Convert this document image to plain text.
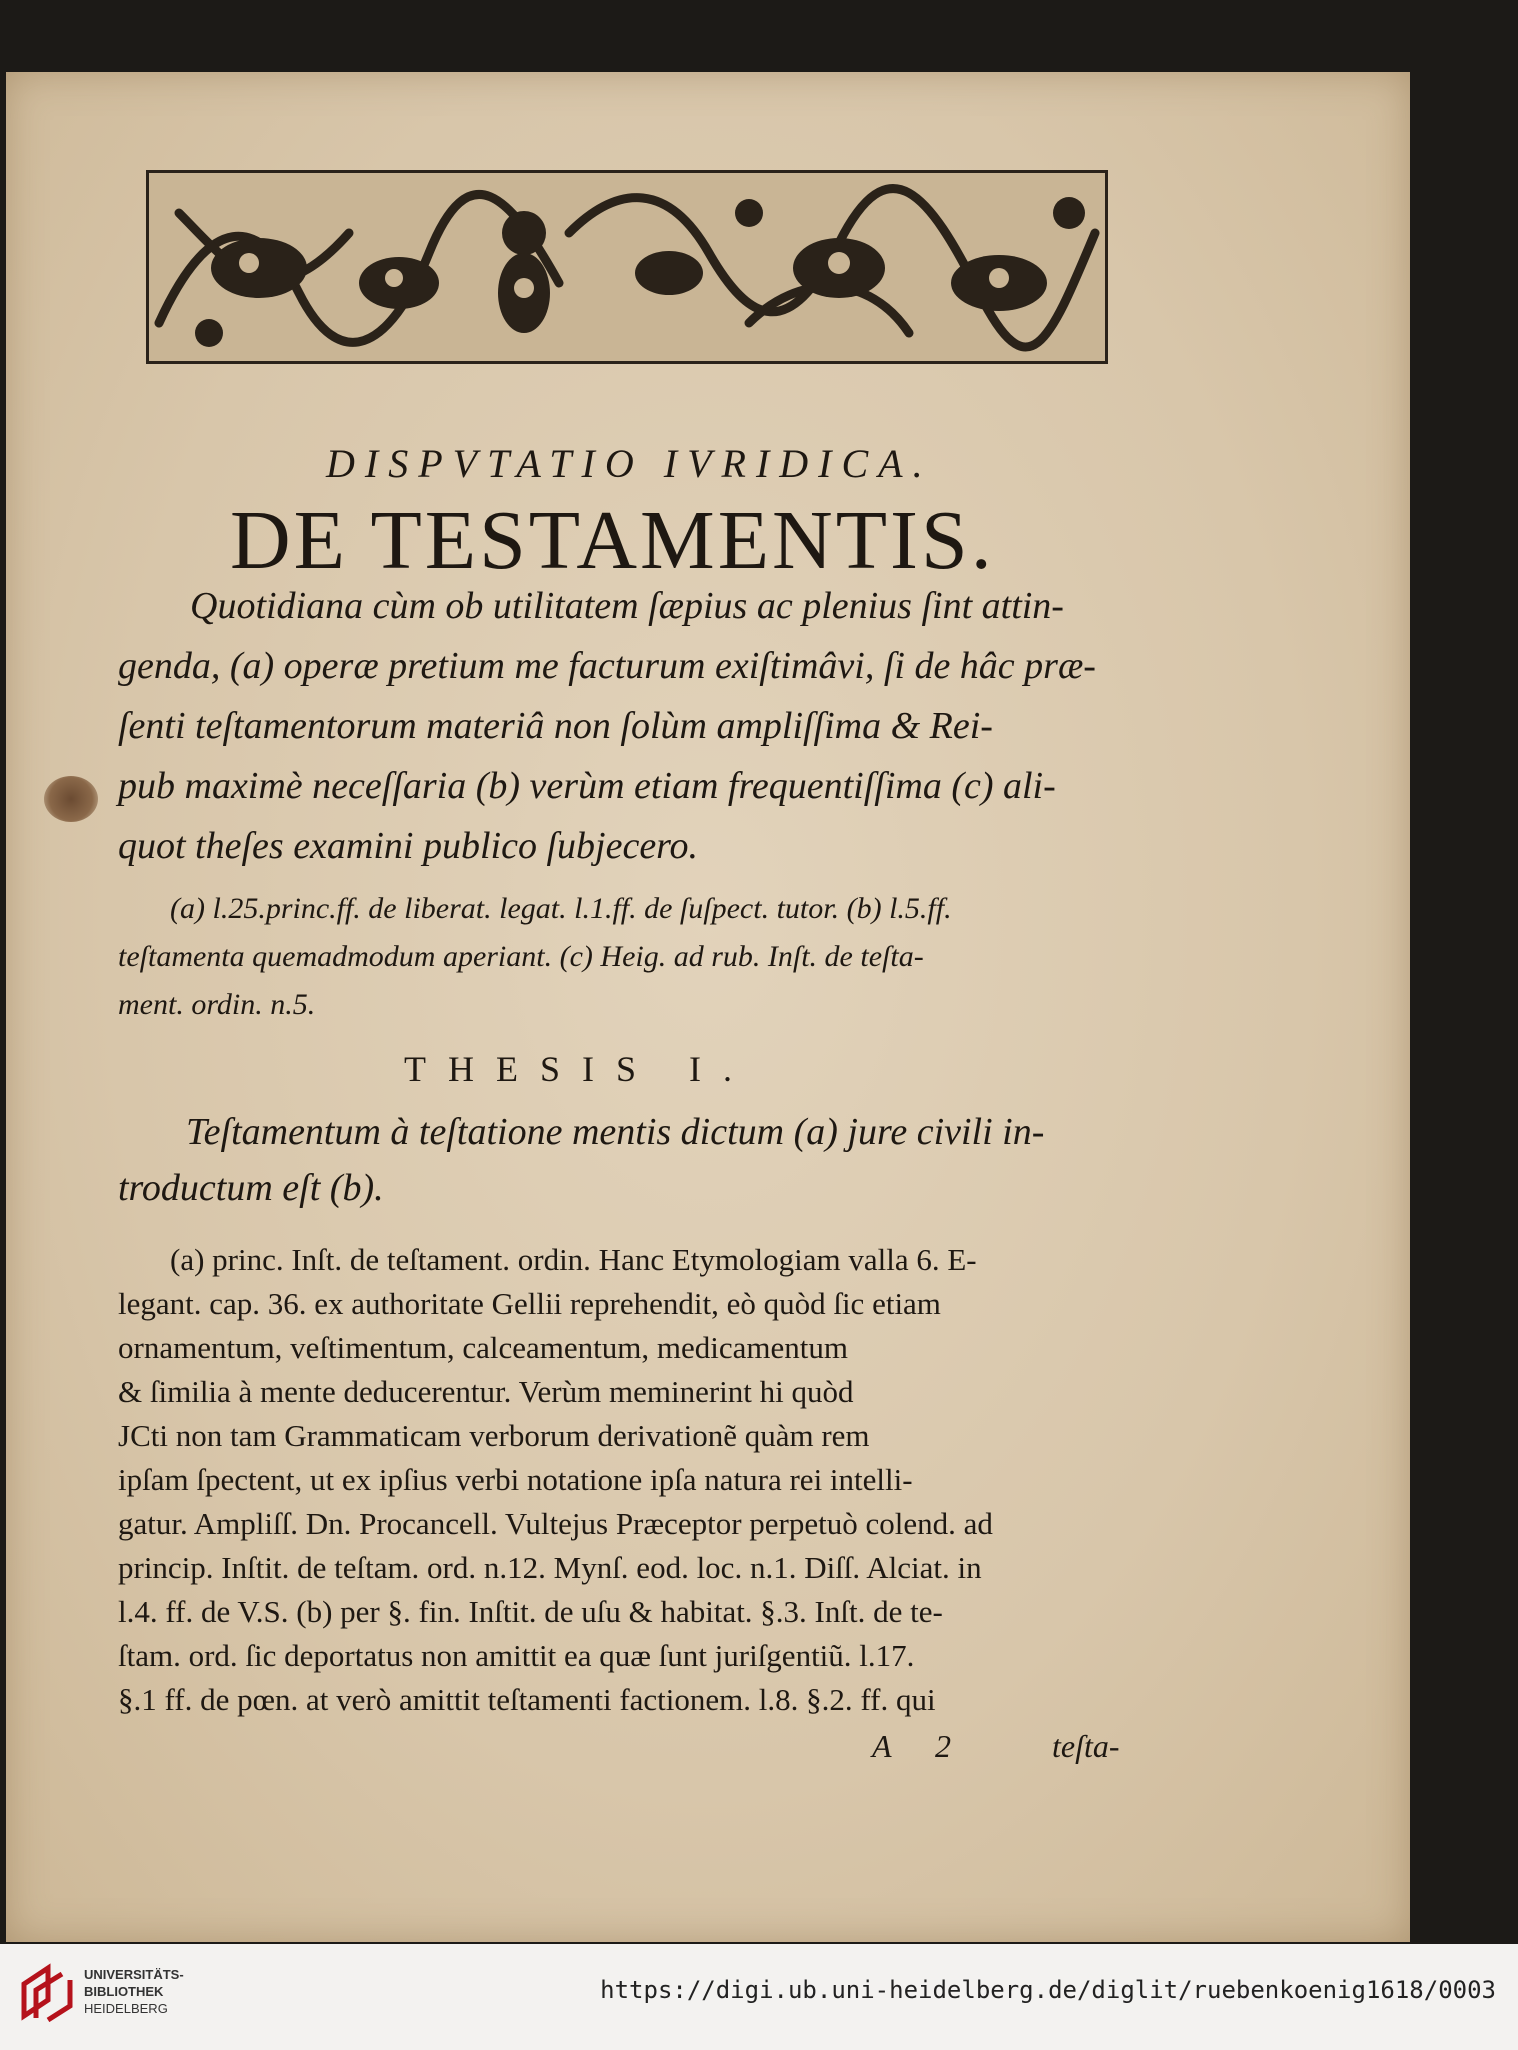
DISPVTATIO IVRIDICA.
DE TESTAMENTIS.
Quotidiana cùm ob utilitatem ſæpius ac plenius ſint attin-
genda, (a) operæ pretium me facturum exiſtimâvi, ſi de hâc præ-
ſenti teſtamentorum materiâ non ſolùm ampliſſima & Rei-
pub maximè neceſſaria (b) verùm etiam frequentiſſima (c) ali-
quot theſes examini publico ſubjecero.
(a) l.25.princ.ff. de liberat. legat. l.1.ff. de ſuſpect. tutor. (b) l.5.ff.
teſtamenta quemadmodum aperiant. (c) Heig. ad rub. Inſt. de teſta-
ment. ordin. n.5.
THESIS I.
Teſtamentum à teſtatione mentis dictum (a) jure civili in-
troductum eſt (b).
(a) princ. Inſt. de teſtament. ordin. Hanc Etymologiam valla 6. E-
legant. cap. 36. ex authoritate Gellii reprehendit, eò quòd ſic etiam
ornamentum, veſtimentum, calceamentum, medicamentum
& ſimilia à mente deducerentur. Verùm meminerint hi quòd
JCti non tam Grammaticam verborum derivationẽ quàm rem
ipſam ſpectent, ut ex ipſius verbi notatione ipſa natura rei intelli-
gatur. Ampliſſ. Dn. Procancell. Vultejus Præceptor perpetuò colend. ad
princip. Inſtit. de teſtam. ord. n.12. Mynſ. eod. loc. n.1. Diſſ. Alciat. in
l.4. ff. de V.S. (b) per §. fin. Inſtit. de uſu & habitat. §.3. Inſt. de te-
ſtam. ord. ſic deportatus non amittit ea quæ ſunt juriſgentiũ. l.17.
§.1 ff. de pœn. at verò amittit teſtamenti factionem. l.8. §.2. ff. qui
A 2	teſta-
UNIVERSITÄTS-
BIBLIOTHEK
HEIDELBERG
https://digi.ub.uni-heidelberg.de/diglit/ruebenkoenig1618/0003
